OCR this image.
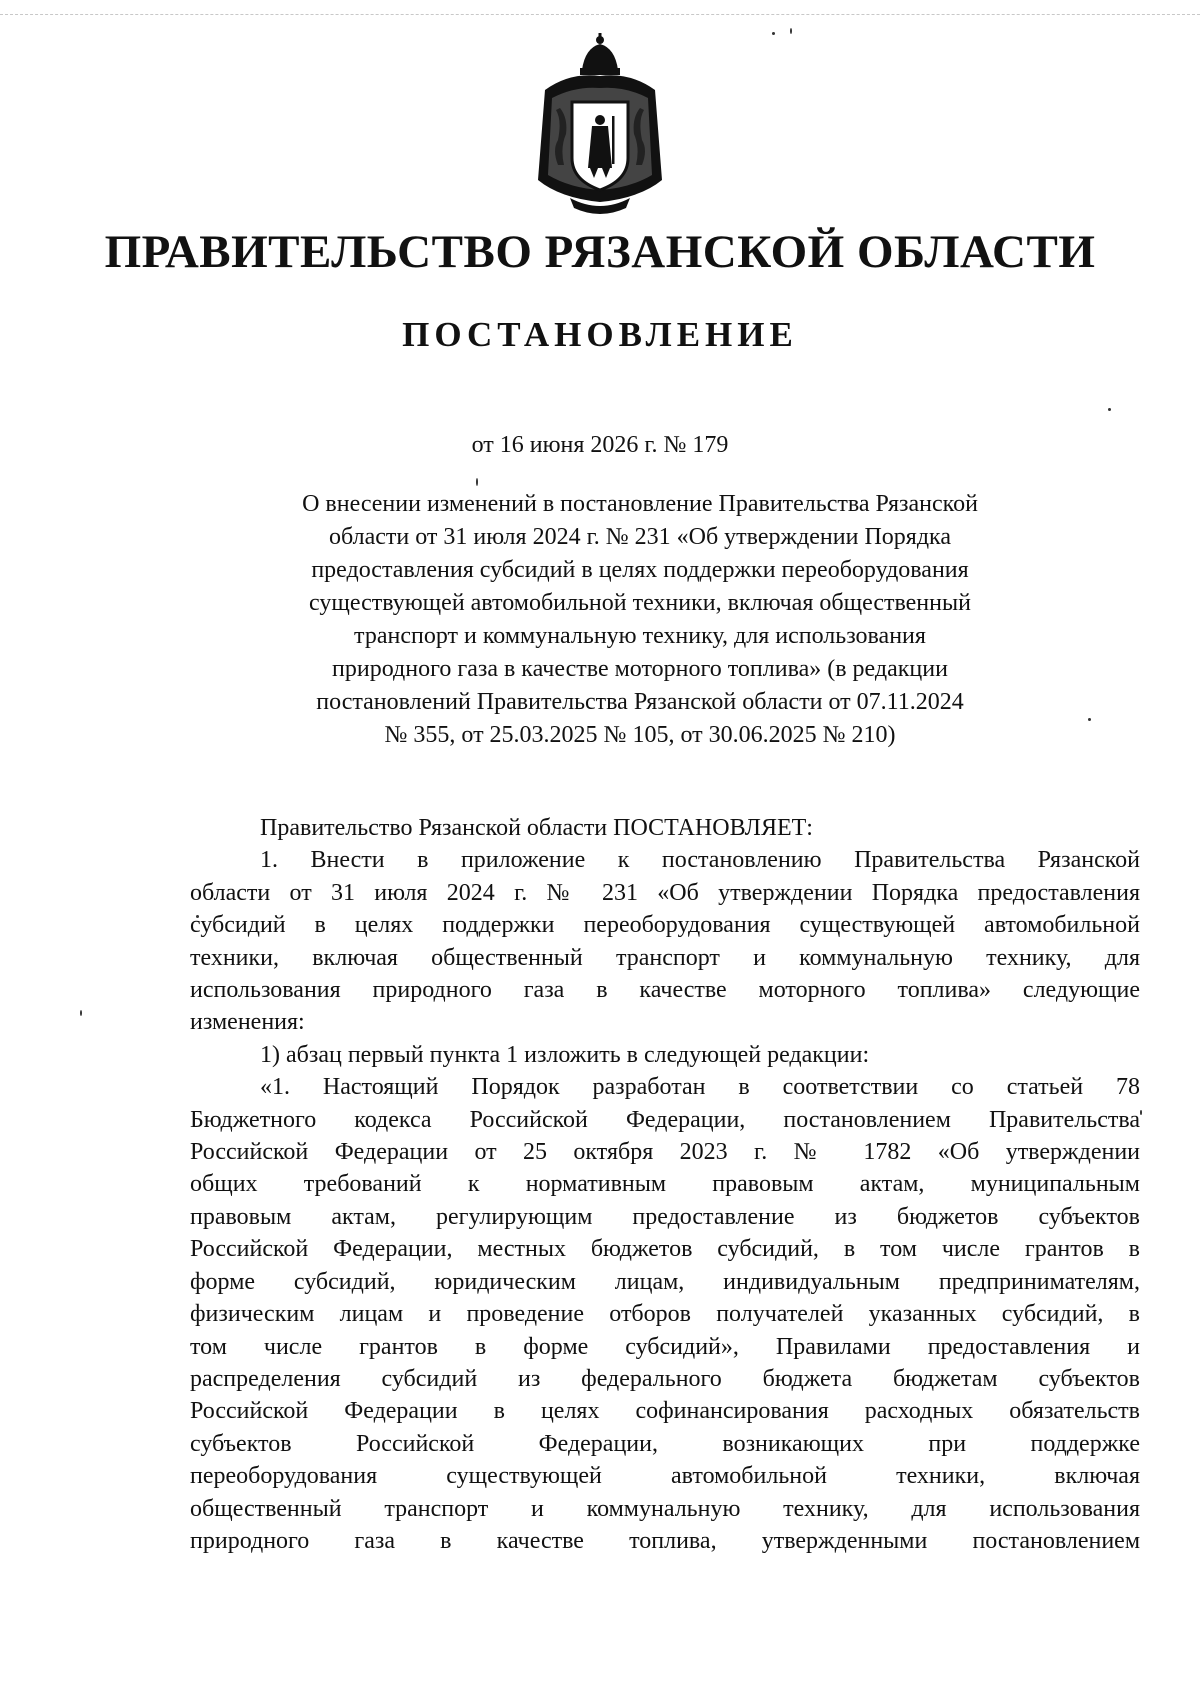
ПРАВИТЕЛЬСТВО РЯЗАНСКОЙ ОБЛАСТИ
ПОСТАНОВЛЕНИЕ

от 16 июня 2026 г. № 179

О внесении изменений в постановление Правительства Рязанской
области от 31 июля 2024 г. № 231 «Об утверждении Порядка
предоставления субсидий в целях поддержки переоборудования
существующей автомобильной техники, включая общественный
транспорт и коммунальную технику, для использования
природного газа в качестве моторного топлива» (в редакции
постановлений Правительства Рязанской области от 07.11.2024
№ 355, от 25.03.2025 № 105, от 30.06.2025 № 210)

Правительство Рязанской области ПОСТАНОВЛЯЕТ:
1. Внести в приложение к постановлению Правительства Рязанской
области от 31 июля 2024 г. № 231 «Об утверждении Порядка предоставления
субсидий в целях поддержки переоборудования существующей автомобильной
техники, включая общественный транспорт и коммунальную технику, для
использования природного газа в качестве моторного топлива» следующие
изменения:
1) абзац первый пункта 1 изложить в следующей редакции:
«1. Настоящий Порядок разработан в соответствии со статьей 78
Бюджетного кодекса Российской Федерации, постановлением Правительства
Российской Федерации от 25 октября 2023 г. № 1782 «Об утверждении
общих требований к нормативным правовым актам, муниципальным
правовым актам, регулирующим предоставление из бюджетов субъектов
Российской Федерации, местных бюджетов субсидий, в том числе грантов в
форме субсидий, юридическим лицам, индивидуальным предпринимателям,
физическим лицам и проведение отборов получателей указанных субсидий, в
том числе грантов в форме субсидий», Правилами предоставления и
распределения субсидий из федерального бюджета бюджетам субъектов
Российской Федерации в целях софинансирования расходных обязательств
субъектов Российской Федерации, возникающих при поддержке
переоборудования существующей автомобильной техники, включая
общественный транспорт и коммунальную технику, для использования
природного газа в качестве топлива, утвержденными постановлением
